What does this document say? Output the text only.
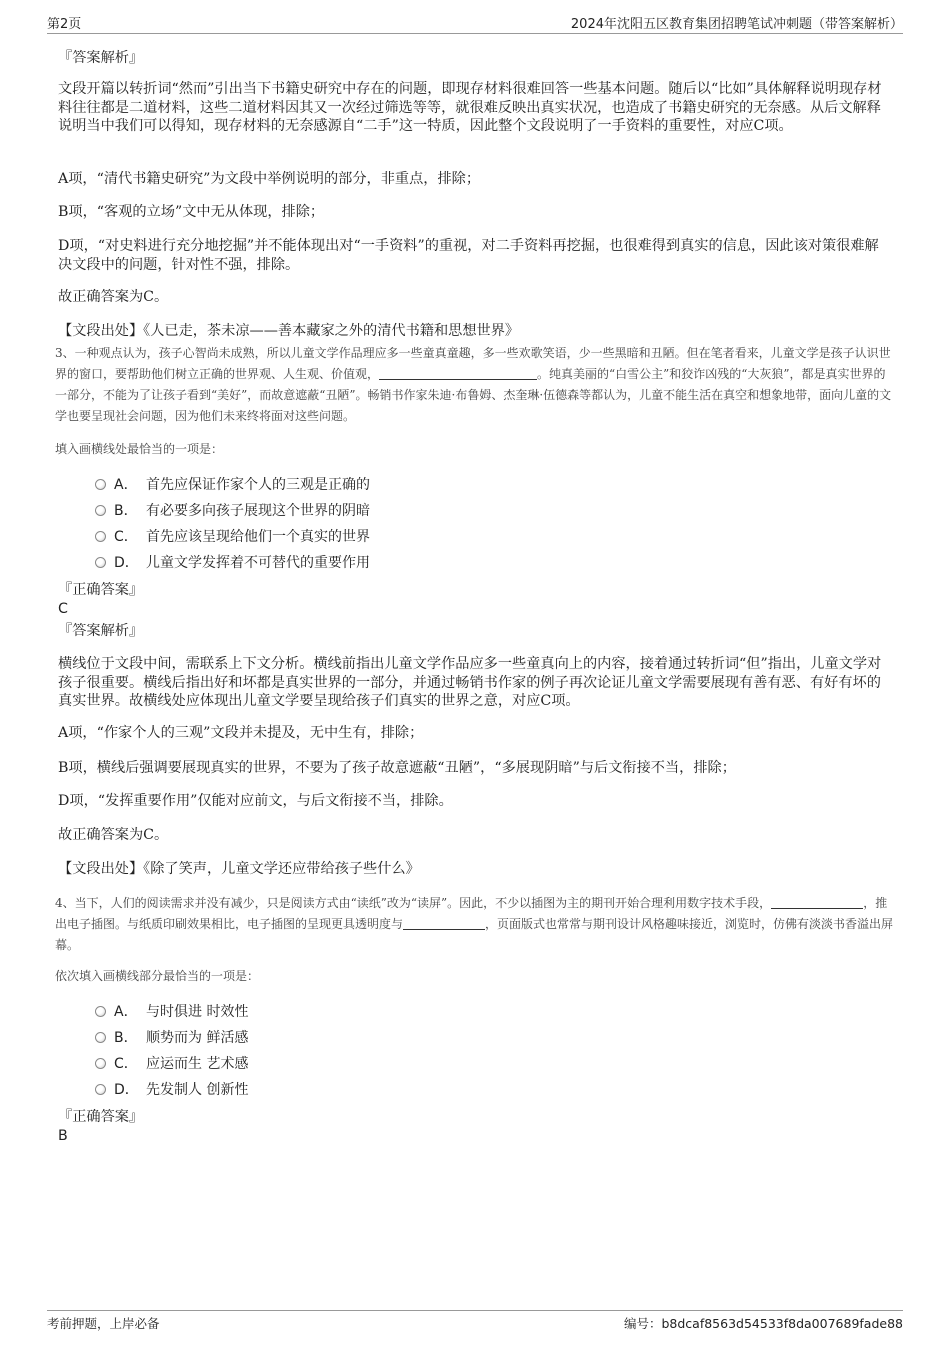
第2页	2024年沈阳五区教育集团招聘笔试冲刺题（带答案解析）
『答案解析』

文段开篇以转折词“然而”引出当下书籍史研究中存在的问题，即现存材料很难回答一些基本问题。随后以“比如”具体解释说明现存材料往往都是二道材料，这些二道材料因其又一次经过筛选等等，就很难反映出真实状况，也造成了书籍史研究的无奈感。从后文解释说明当中我们可以得知，现存材料的无奈感源自“二手”这一特质，因此整个文段说明了一手资料的重要性，对应C项。

A项，“清代书籍史研究”为文段中举例说明的部分，非重点，排除；

B项，“客观的立场”文中无从体现，排除；

D项，“对史料进行充分地挖掘”并不能体现出对“一手资料”的重视，对二手资料再挖掘，也很难得到真实的信息，因此该对策很难解决文段中的问题，针对性不强，排除。

故正确答案为C。

【文段出处】《人已走，茶未凉——善本藏家之外的清代书籍和思想世界》

3、一种观点认为，孩子心智尚未成熟，所以儿童文学作品理应多一些童真童趣，多一些欢歌笑语，少一些黑暗和丑陋。但在笔者看来，儿童文学是孩子认识世界的窗口，要帮助他们树立正确的世界观、人生观、价值观，	。纯真美丽的“白雪公主”和狡诈凶残的“大灰狼”，都是真实世界的一部分，不能为了让孩子看到“美好”，而故意遮蔽“丑陋”。畅销书作家朱迪·布鲁姆、杰奎琳·伍德森等都认为，儿童不能生活在真空和想象地带，面向儿童的文学也要呈现社会问题，因为他们未来终将面对这些问题。

填入画横线处最恰当的一项是：

A． 首先应保证作家个人的三观是正确的
B． 有必要多向孩子展现这个世界的阴暗
C． 首先应该呈现给他们一个真实的世界
D． 儿童文学发挥着不可替代的重要作用
『正确答案』
C
『答案解析』

横线位于文段中间，需联系上下文分析。横线前指出儿童文学作品应多一些童真向上的内容，接着通过转折词“但”指出，儿童文学对孩子很重要。横线后指出好和坏都是真实世界的一部分，并通过畅销书作家的例子再次论证儿童文学需要展现有善有恶、有好有坏的真实世界。故横线处应体现出儿童文学要呈现给孩子们真实的世界之意，对应C项。

A项，“作家个人的三观”文段并未提及，无中生有，排除；

B项，横线后强调要展现真实的世界，不要为了孩子故意遮蔽“丑陋”，“多展现阴暗”与后文衔接不当，排除；

D项，“发挥重要作用”仅能对应前文，与后文衔接不当，排除。

故正确答案为C。

【文段出处】《除了笑声，儿童文学还应带给孩子些什么》

4、当下，人们的阅读需求并没有减少，只是阅读方式由“读纸”改为“读屏”。因此，不少以插图为主的期刊开始合理利用数字技术手段，	，推出电子插图。与纸质印刷效果相比，电子插图的呈现更具透明度与	，页面版式也常常与期刊设计风格趣味接近，浏览时，仿佛有淡淡书香溢出屏幕。

依次填入画横线部分最恰当的一项是：

A． 与时俱进 时效性
B． 顺势而为 鲜活感
C． 应运而生 艺术感
D． 先发制人 创新性
『正确答案』
B
考前押题，上岸必备	编号：b8dcaf8563d54533f8da007689fade88
